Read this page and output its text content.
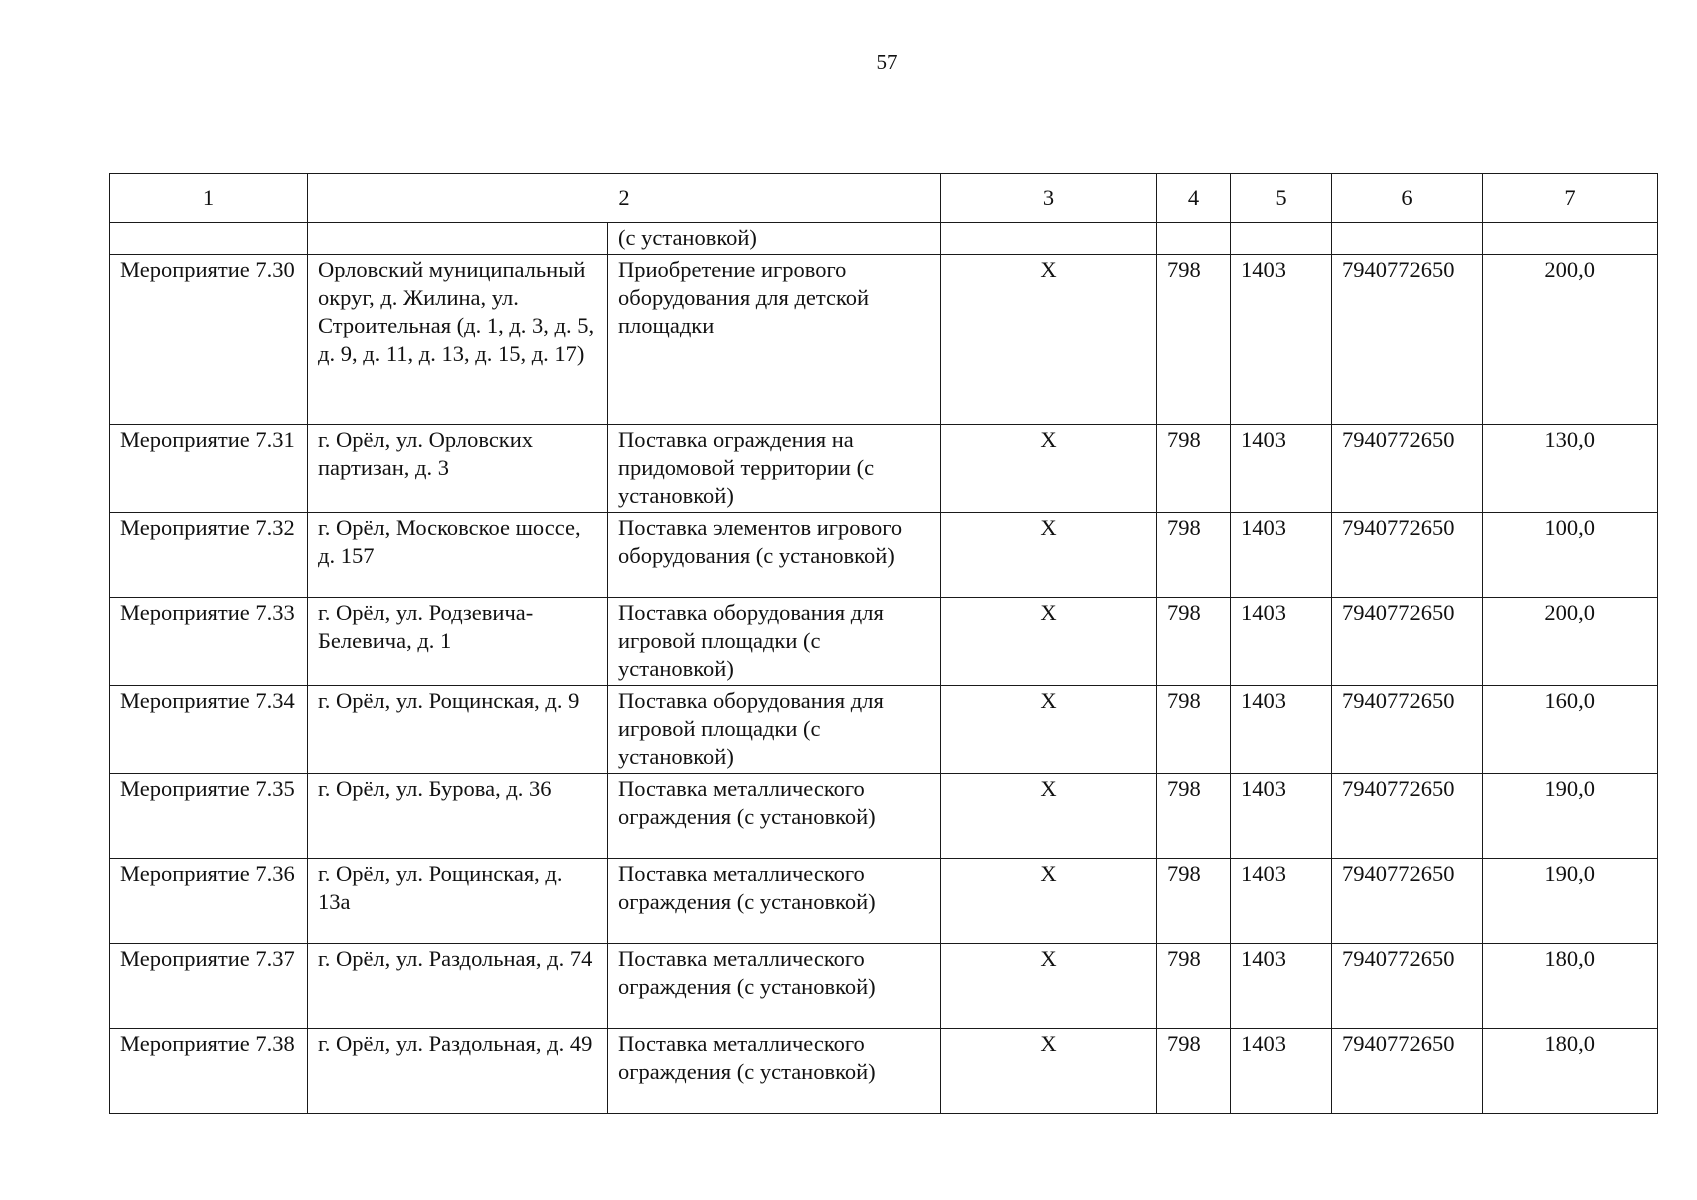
57
1	2		3	4	5	6	7
		(с установкой)					
Мероприятие 7.30	Орловский муниципальный округ, д. Жилина, ул. Строительная (д. 1, д. 3, д. 5, д. 9, д. 11, д. 13, д. 15, д. 17)	Приобретение игрового оборудования для детской площадки	X	798	1403	7940772650	200,0
Мероприятие 7.31	г. Орёл, ул. Орловских партизан, д. 3	Поставка ограждения на придомовой территории (с установкой)	X	798	1403	7940772650	130,0
Мероприятие 7.32	г. Орёл, Московское шоссе, д. 157	Поставка элементов игрового оборудования (с установкой)	X	798	1403	7940772650	100,0
Мероприятие 7.33	г. Орёл, ул. Родзевича-Белевича, д. 1	Поставка оборудования для игровой площадки (с установкой)	X	798	1403	7940772650	200,0
Мероприятие 7.34	г. Орёл, ул. Рощинская, д. 9	Поставка оборудования для игровой площадки (с установкой)	X	798	1403	7940772650	160,0
Мероприятие 7.35	г. Орёл, ул. Бурова, д. 36	Поставка металлического ограждения (с установкой)	X	798	1403	7940772650	190,0
Мероприятие 7.36	г. Орёл, ул. Рощинская, д. 13а	Поставка металлического ограждения (с установкой)	X	798	1403	7940772650	190,0
Мероприятие 7.37	г. Орёл, ул. Раздольная, д. 74	Поставка металлического ограждения (с установкой)	X	798	1403	7940772650	180,0
Мероприятие 7.38	г. Орёл, ул. Раздольная, д. 49	Поставка металлического ограждения (с установкой)	X	798	1403	7940772650	180,0
